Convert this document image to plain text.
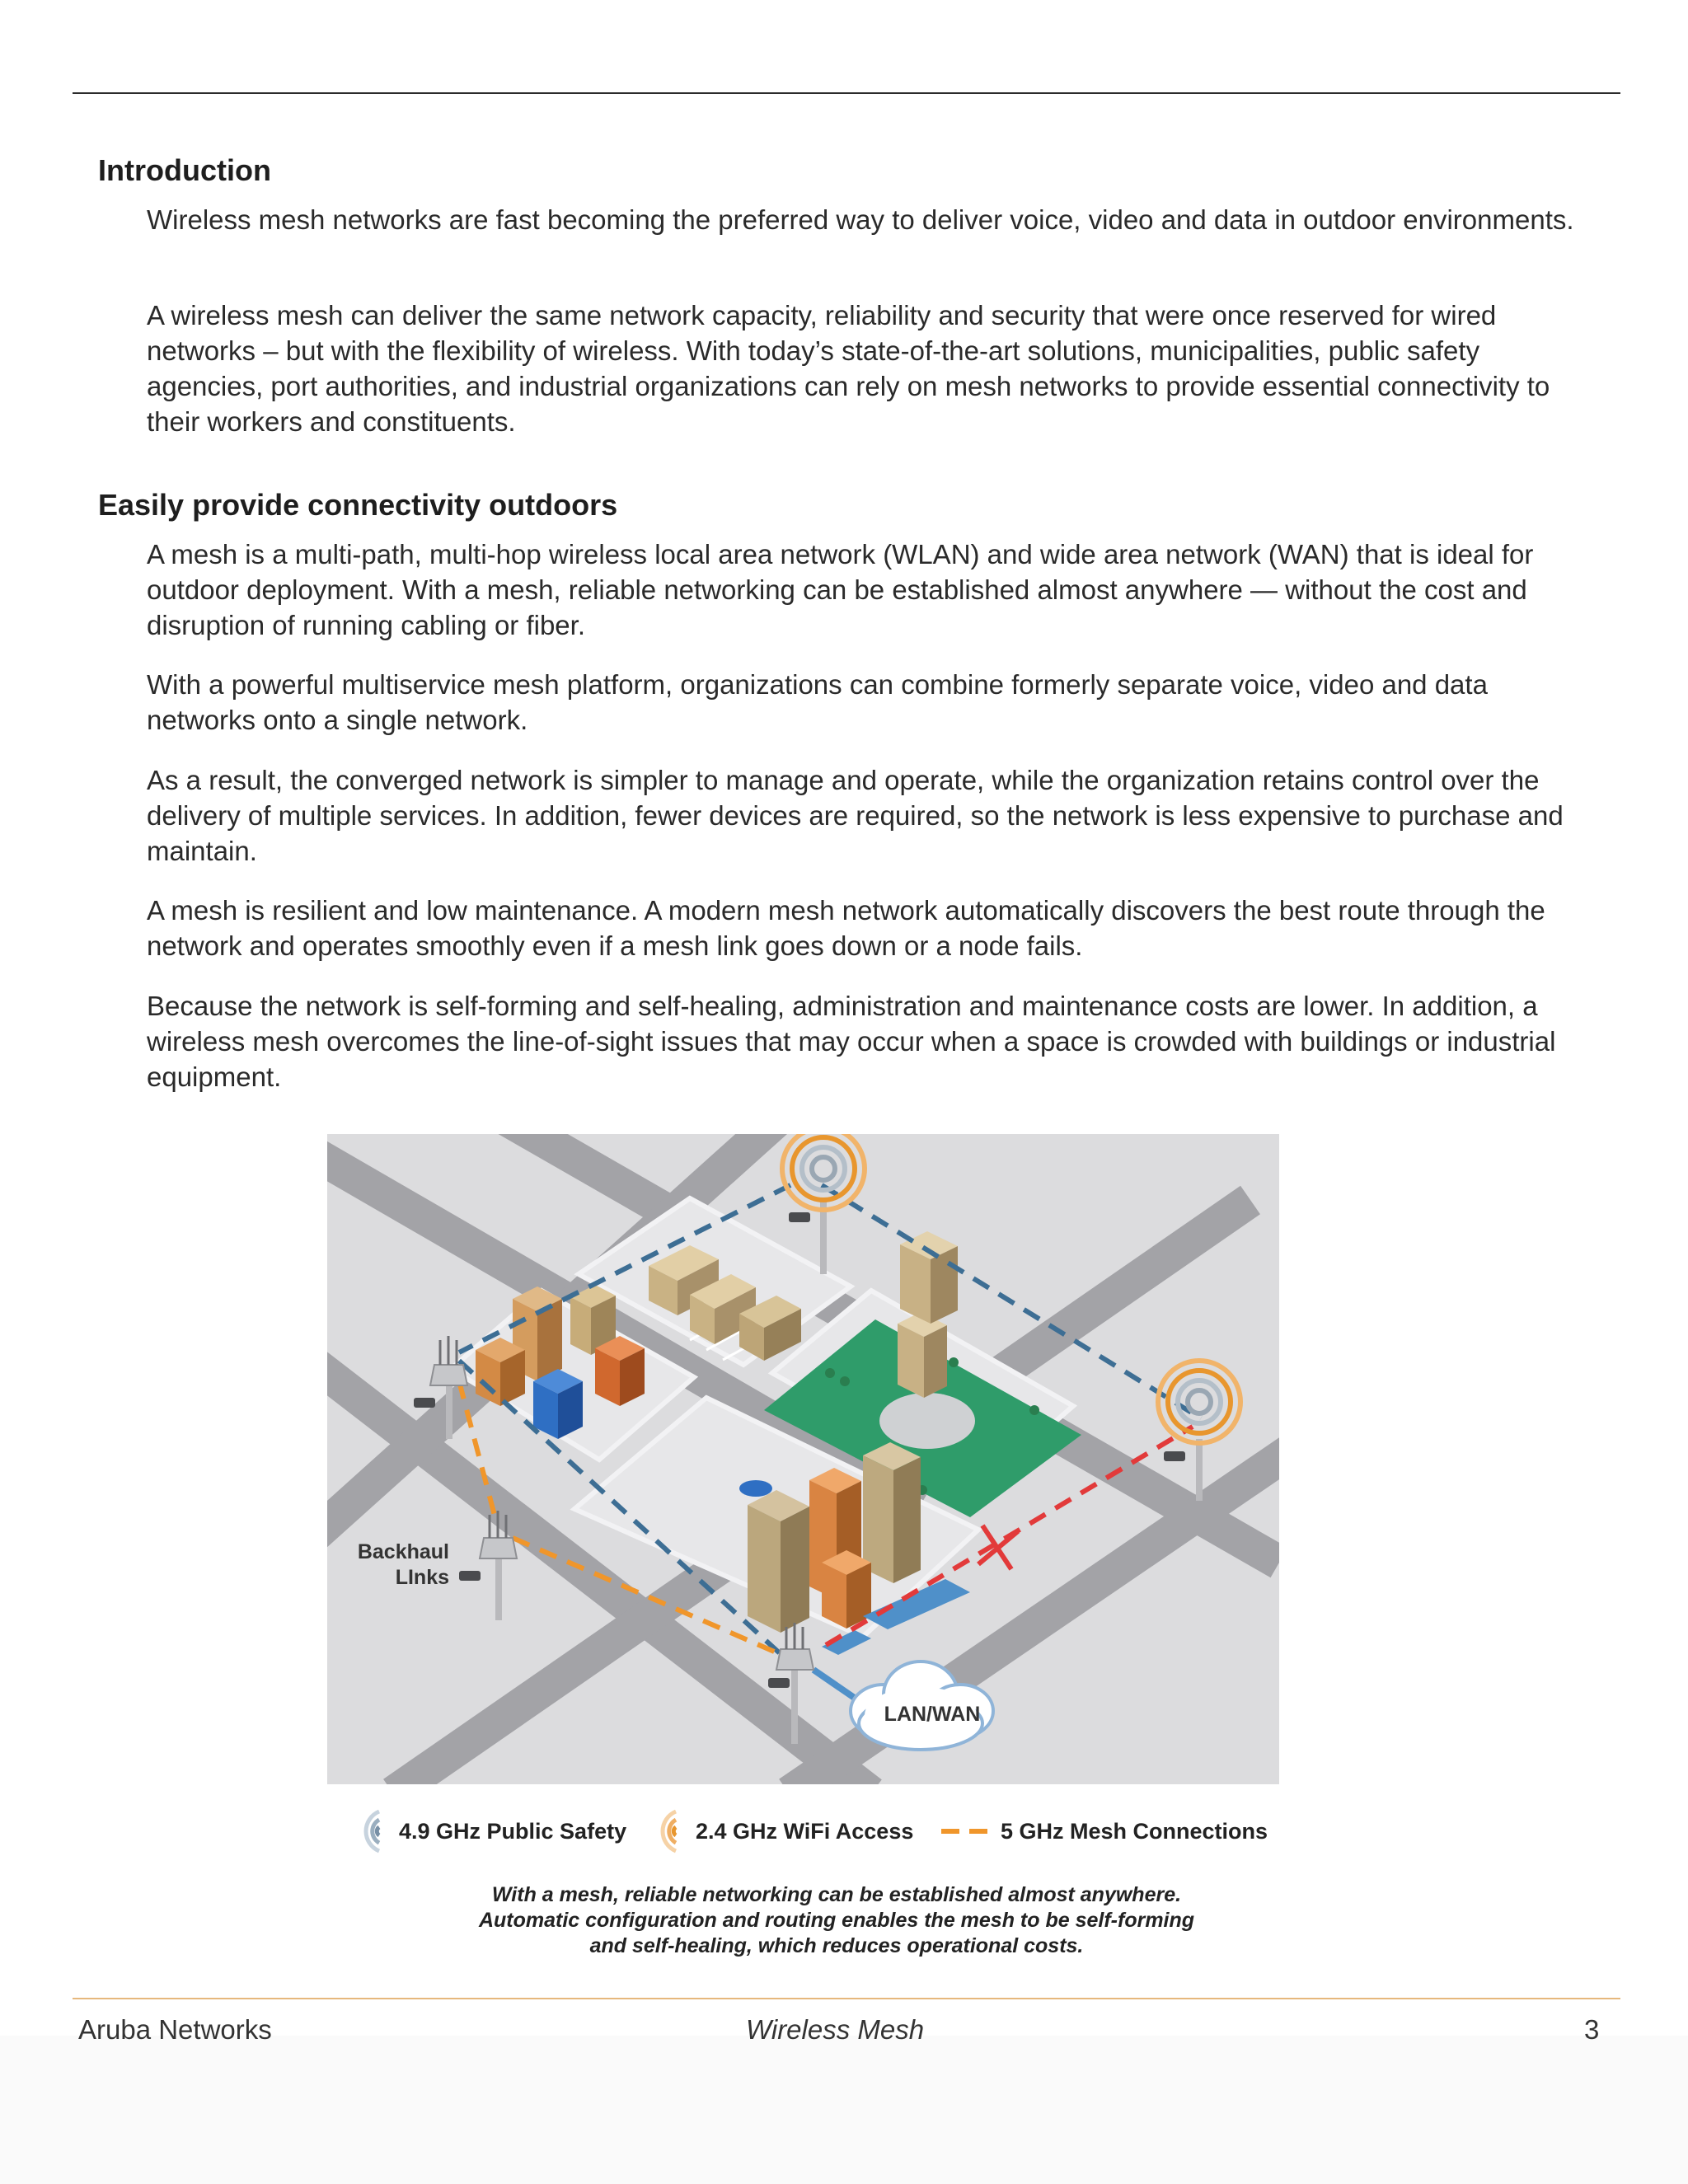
Introduction

Wireless mesh networks are fast becoming the preferred way to deliver voice, video and data in outdoor environments.

A wireless mesh can deliver the same network capacity, reliability and security that were once reserved for wired networks – but with the flexibility of wireless. With today’s state-of-the-art solutions, municipalities, public safety agencies, port authorities, and industrial organizations can rely on mesh networks to provide essential connectivity to their workers and constituents.

Easily provide connectivity outdoors

A mesh is a multi-path, multi-hop wireless local area network (WLAN) and wide area network (WAN) that is ideal for outdoor deployment. With a mesh, reliable networking can be established almost anywhere — without the cost and disruption of running cabling or fiber.

With a powerful multiservice mesh platform, organizations can combine formerly separate voice, video and data networks onto a single network.

As a result, the converged network is simpler to manage and operate, while the organization retains control over the delivery of multiple services. In addition, fewer devices are required, so the network is less expensive to purchase and maintain.

A mesh is resilient and low maintenance. A modern mesh network automatically discovers the best route through the network and operates smoothly even if a mesh link goes down or a node fails.

Because the network is self-forming and self-healing, administration and maintenance costs are lower. In addition, a wireless mesh overcomes the line-of-sight issues that may occur when a space is crowded with buildings or industrial equipment.

LAN/WAN
Backhaul
LInks
4.9 GHz Public Safety	2.4 GHz WiFi Access	5 GHz Mesh Connections
With a mesh, reliable networking can be established almost anywhere.
Automatic configuration and routing enables the mesh to be self-forming
and self-healing, which reduces operational costs.
Aruba Networks	Wireless Mesh	3
